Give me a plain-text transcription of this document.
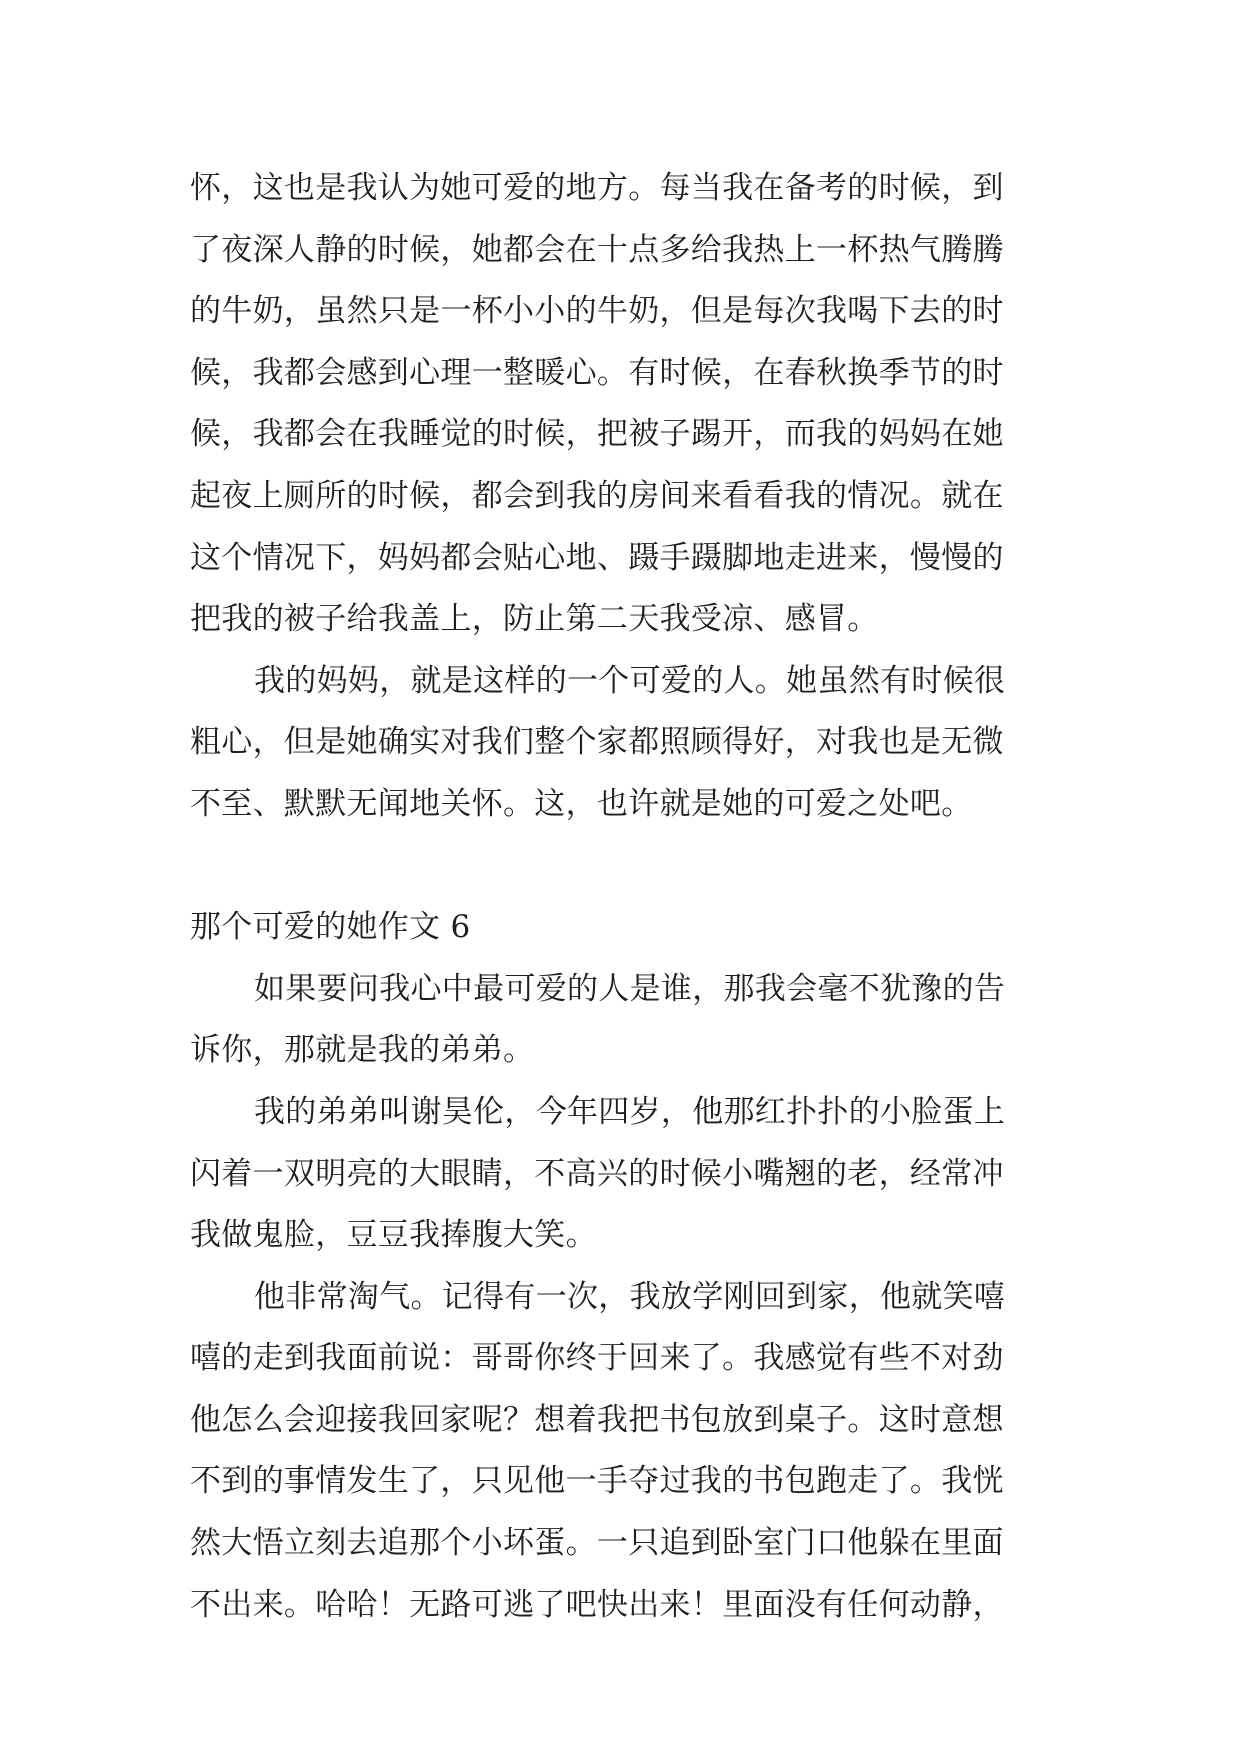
怀，这也是我认为她可爱的地方。每当我在备考的时候，到
了夜深人静的时候，她都会在十点多给我热上一杯热气腾腾
的牛奶，虽然只是一杯小小的牛奶，但是每次我喝下去的时
候，我都会感到心理一整暖心。有时候，在春秋换季节的时
候，我都会在我睡觉的时候，把被子踢开，而我的妈妈在她
起夜上厕所的时候，都会到我的房间来看看我的情况。就在
这个情况下，妈妈都会贴心地、蹑手蹑脚地走进来，慢慢的
把我的被子给我盖上，防止第二天我受凉、感冒。
我的妈妈，就是这样的一个可爱的人。她虽然有时候很
粗心，但是她确实对我们整个家都照顾得好，对我也是无微
不至、默默无闻地关怀。这，也许就是她的可爱之处吧。
那个可爱的她作文 6
如果要问我心中最可爱的人是谁，那我会毫不犹豫的告
诉你，那就是我的弟弟。
我的弟弟叫谢昊伦，今年四岁，他那红扑扑的小脸蛋上
闪着一双明亮的大眼睛，不高兴的时候小嘴翘的老，经常冲
我做鬼脸，豆豆我捧腹大笑。
他非常淘气。记得有一次，我放学刚回到家，他就笑嘻
嘻的走到我面前说：哥哥你终于回来了。我感觉有些不对劲
他怎么会迎接我回家呢？想着我把书包放到桌子。这时意想
不到的事情发生了，只见他一手夺过我的书包跑走了。我恍
然大悟立刻去追那个小坏蛋。一只追到卧室门口他躲在里面
不出来。哈哈！无路可逃了吧快出来！里面没有任何动静，
